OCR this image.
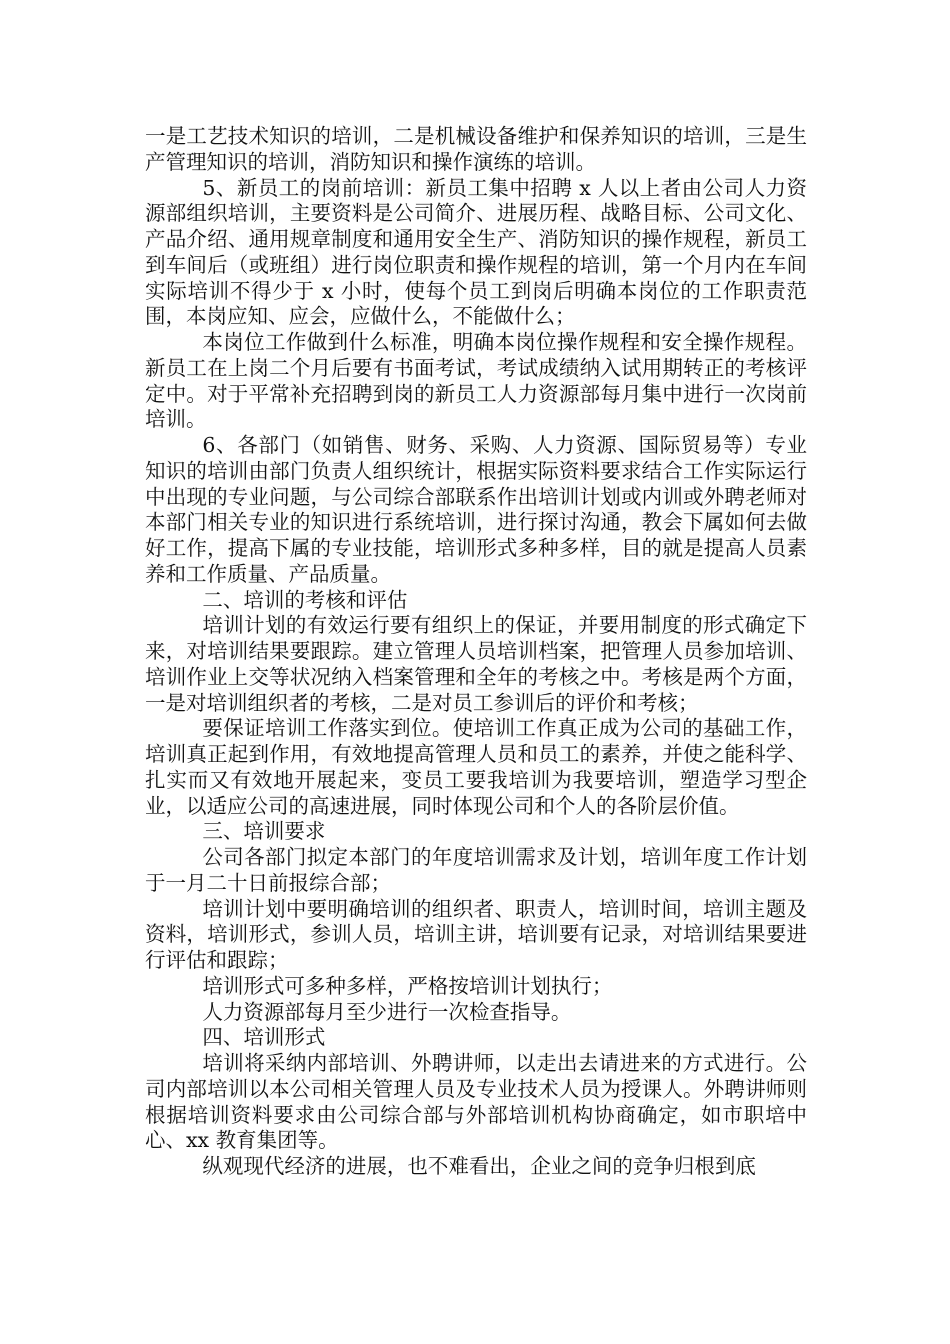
一是工艺技术知识的培训，二是机械设备维护和保养知识的培训，三是生产管理知识的培训，消防知识和操作演练的培训。

5、新员工的岗前培训：新员工集中招聘 x 人以上者由公司人力资源部组织培训，主要资料是公司简介、进展历程、战略目标、公司文化、产品介绍、通用规章制度和通用安全生产、消防知识的操作规程，新员工到车间后（或班组）进行岗位职责和操作规程的培训，第一个月内在车间实际培训不得少于 x 小时，使每个员工到岗后明确本岗位的工作职责范围，本岗应知、应会，应做什么，不能做什么；

本岗位工作做到什么标准，明确本岗位操作规程和安全操作规程。新员工在上岗二个月后要有书面考试，考试成绩纳入试用期转正的考核评定中。对于平常补充招聘到岗的新员工人力资源部每月集中进行一次岗前培训。

6、各部门（如销售、财务、采购、人力资源、国际贸易等）专业知识的培训由部门负责人组织统计，根据实际资料要求结合工作实际运行中出现的专业问题，与公司综合部联系作出培训计划或内训或外聘老师对本部门相关专业的知识进行系统培训，进行探讨沟通，教会下属如何去做好工作，提高下属的专业技能，培训形式多种多样，目的就是提高人员素养和工作质量、产品质量。

二、培训的考核和评估

培训计划的有效运行要有组织上的保证，并要用制度的形式确定下来，对培训结果要跟踪。建立管理人员培训档案，把管理人员参加培训、培训作业上交等状况纳入档案管理和全年的考核之中。考核是两个方面，一是对培训组织者的考核，二是对员工参训后的评价和考核；

要保证培训工作落实到位。使培训工作真正成为公司的基础工作，培训真正起到作用，有效地提高管理人员和员工的素养，并使之能科学、扎实而又有效地开展起来，变员工要我培训为我要培训，塑造学习型企业，以适应公司的高速进展，同时体现公司和个人的各阶层价值。

三、培训要求

公司各部门拟定本部门的年度培训需求及计划，培训年度工作计划于一月二十日前报综合部；

培训计划中要明确培训的组织者、职责人，培训时间，培训主题及资料，培训形式，参训人员，培训主讲，培训要有记录，对培训结果要进行评估和跟踪；

培训形式可多种多样，严格按培训计划执行；

人力资源部每月至少进行一次检查指导。

四、培训形式

培训将采纳内部培训、外聘讲师，以走出去请进来的方式进行。公司内部培训以本公司相关管理人员及专业技术人员为授课人。外聘讲师则根据培训资料要求由公司综合部与外部培训机构协商确定，如市职培中心、xx 教育集团等。

纵观现代经济的进展，也不难看出，企业之间的竞争归根到底
